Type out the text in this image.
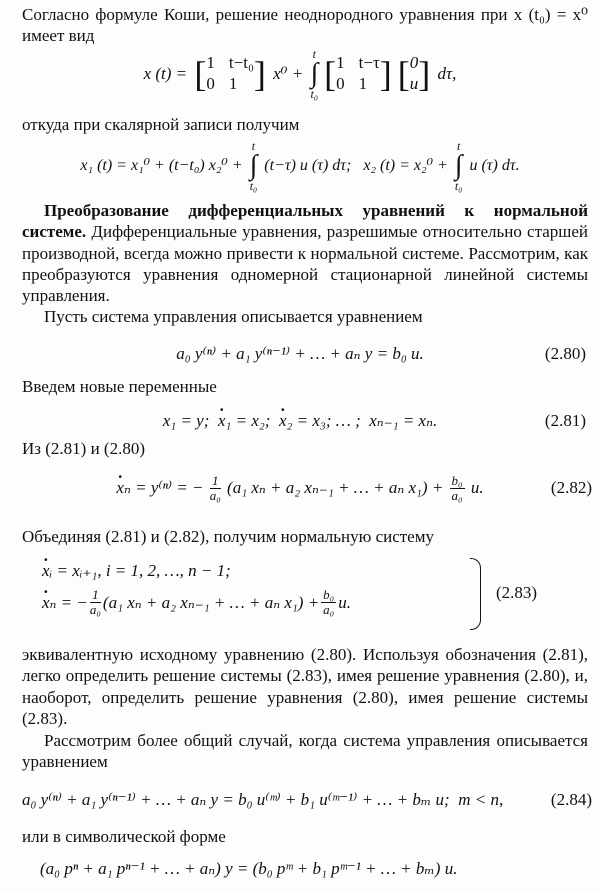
Согласно формуле Коши, решение неоднородного уравнения при x (t₀) = x⁰ имеет вид
x (t) = [ 1 t−t₀
0 1 ] x⁰ +
t
∫
t₀ [ 1 t−τ
0 1 ] [ 0
u ] dτ,
откуда при скалярной записи получим
x₁ (t) = x₁⁰ + (t−t₀) x₂⁰ +
t
∫
t₀
(t−τ) u (τ) dτ;   x₂ (t) = x₂⁰ +
t
∫
t₀
u (τ) dτ.
Преобразование дифференциальных уравнений к нормальной системе. Дифференциальные уравнения, разрешимые относительно старшей производной, всегда можно привести к нормальной системе. Рассмотрим, как преобразуются уравнения одномерной стационарной линейной системы управления.
Пусть система управления описывается уравнением
a₀ y⁽ⁿ⁾ + a₁ y⁽ⁿ⁻¹⁾ + … + aₙ y = b₀ u.	(2.80)
Введем новые переменные
x₁ = y; · x₁ = x₂; · x₂ = x₃; … ;  xₙ₋₁ = xₙ.	(2.81)
Из (2.81) и (2.80)
· xₙ = y⁽ⁿ⁾ = − $\frac{1}{\text{a₀}} (a_1$ xₙ + a₂ xₙ₋₁ + … + aₙ $x_1) + \frac{\text{b₀}}{\text{a₀}} u$.	(2.82)
Объединяя (2.81) и (2.82), получим нормальную систему
· xᵢ = xᵢ₊₁, i = 1, 2, …, n − 1;
· xₙ = − $\frac{1}{\text{a₀}} (a_1$ xₙ + a₂ xₙ₋₁ + … + aₙ $x_1) + \frac{\text{b₀}}{\text{a₀}} u$.
(2.83)
эквивалентную исходному уравнению (2.80). Используя обозначения (2.81), легко определить решение системы (2.83), имея решение уравнения (2.80), и, наоборот, определить решение уравнения (2.80), имея решение системы (2.83).
Рассмотрим более общий случай, когда система управления описывается уравнением
a₀ y⁽ⁿ⁾ + a₁ y⁽ⁿ⁻¹⁾ + … + aₙ y = b₀ u⁽ᵐ⁾ + b₁ u⁽ᵐ⁻¹⁾ + … + bₘ u;  m < n,	(2.84)
или в символической форме
(a₀ pⁿ + a₁ pⁿ⁻¹ + … + aₙ) y = (b₀ pᵐ + b₁ pᵐ⁻¹ + … + bₘ) u.
